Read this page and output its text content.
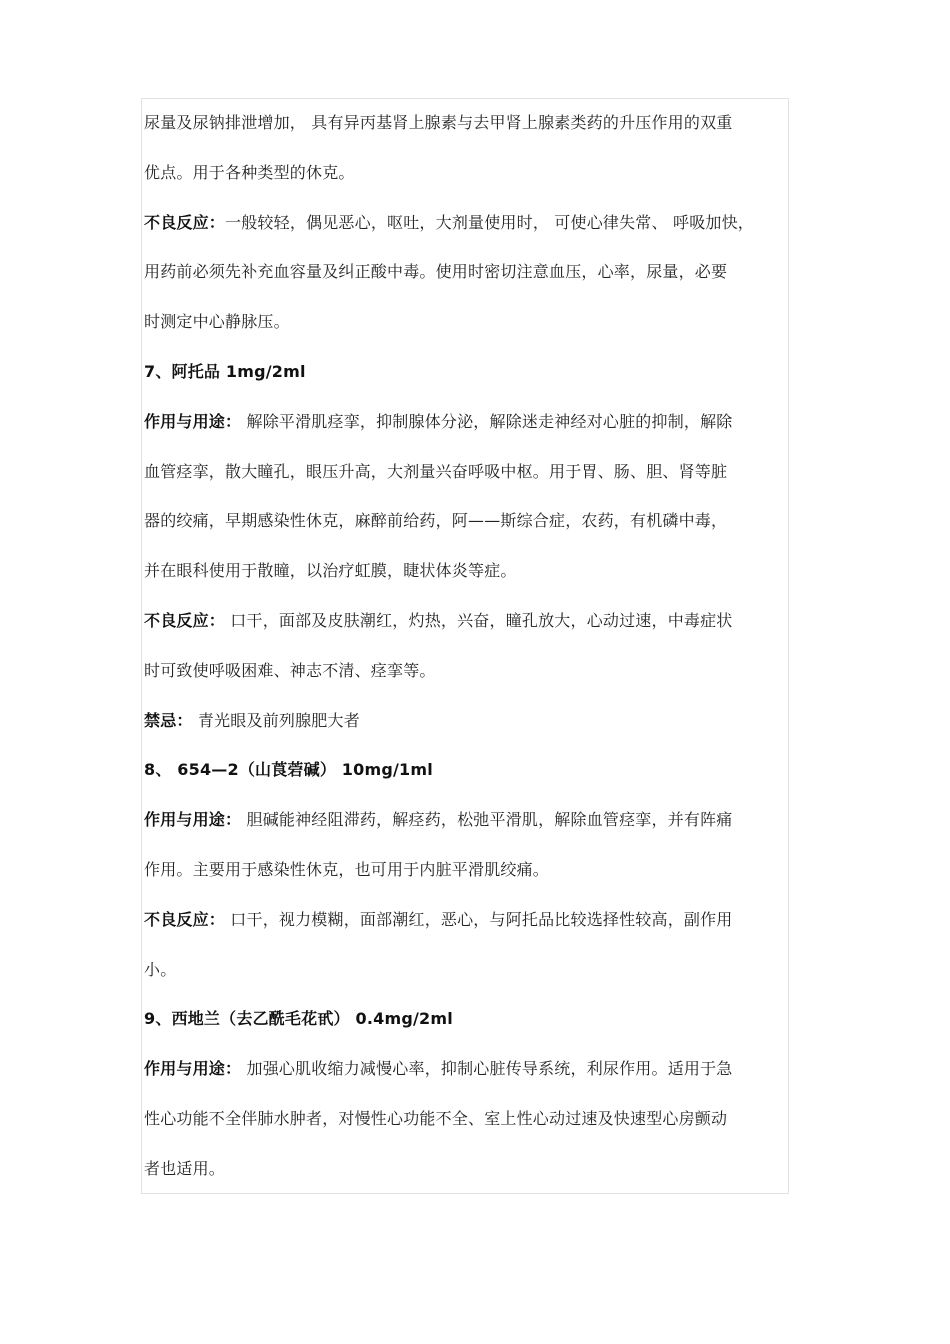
尿量及尿钠排泄增加， 具有异丙基肾上腺素与去甲肾上腺素类药的升压作用的双重
优点。用于各种类型的休克。
不良反应：一般较轻，偶见恶心，呕吐，大剂量使用时， 可使心律失常、 呼吸加快，
用药前必须先补充血容量及纠正酸中毒。使用时密切注意血压，心率，尿量，必要
时测定中心静脉压。
7、阿托品 1mg/2ml
作用与用途： 解除平滑肌痉挛，抑制腺体分泌，解除迷走神经对心脏的抑制，解除
血管痉挛，散大瞳孔，眼压升高，大剂量兴奋呼吸中枢。用于胃、肠、胆、肾等脏
器的绞痛，早期感染性休克，麻醉前给药，阿——斯综合症，农药，有机磷中毒，
并在眼科使用于散瞳，以治疗虹膜，睫状体炎等症。
不良反应： 口干，面部及皮肤潮红，灼热，兴奋，瞳孔放大，心动过速，中毒症状
时可致使呼吸困难、神志不清、痉挛等。
禁忌： 青光眼及前列腺肥大者
8、 654—2（山莨菪碱） 10mg/1ml
作用与用途： 胆碱能神经阻滞药，解痉药，松弛平滑肌，解除血管痉挛，并有阵痛
作用。主要用于感染性休克，也可用于内脏平滑肌绞痛。
不良反应： 口干，视力模糊，面部潮红，恶心，与阿托品比较选择性较高，副作用
小。
9、西地兰（去乙酰毛花甙） 0.4mg/2ml
作用与用途： 加强心肌收缩力减慢心率，抑制心脏传导系统，利尿作用。适用于急
性心功能不全伴肺水肿者，对慢性心功能不全、室上性心动过速及快速型心房颤动
者也适用。
